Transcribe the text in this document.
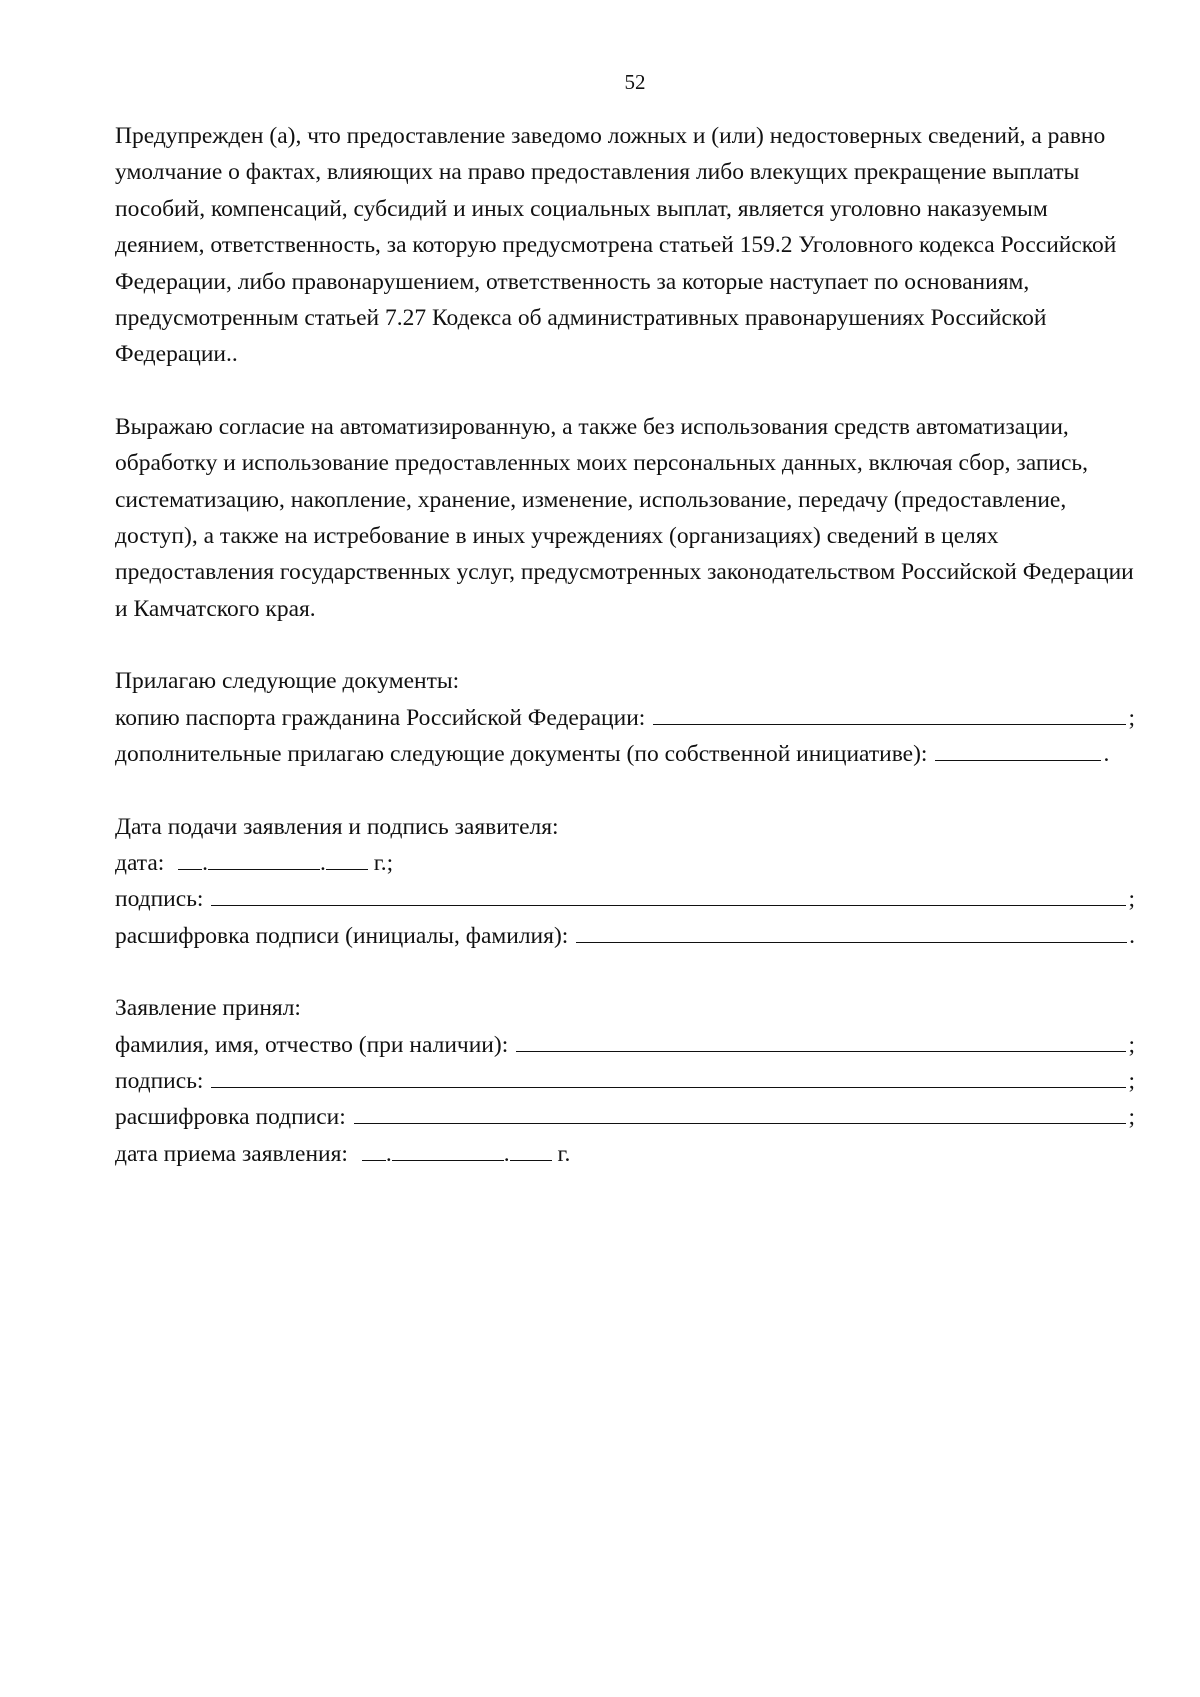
52

Предупрежден (а), что предоставление заведомо ложных и (или) недостоверных сведений, а равно умолчание о фактах, влияющих на право предоставления либо влекущих прекращение выплаты пособий, компенсаций, субсидий и иных социальных выплат, является уголовно наказуемым деянием, ответственность, за которую предусмотрена статьей 159.2 Уголовного кодекса Российской Федерации, либо правонарушением, ответственность за которые наступает по основаниям, предусмотренным статьей 7.27 Кодекса об административных правонарушениях Российской Федерации..

Выражаю согласие на автоматизированную, а также без использования средств автоматизации, обработку и использование предоставленных моих персональных данных, включая сбор, запись, систематизацию, накопление, хранение, изменение, использование, передачу (предоставление, доступ), а также на истребование в иных учреждениях (организациях) сведений в целях предоставления государственных услуг, предусмотренных законодательством Российской Федерации и Камчатского края.

Прилагаю следующие документы:
копию паспорта гражданина Российской Федерации:	;
дополнительные прилагаю следующие документы (по собственной инициативе):	.
Дата подачи заявления и подпись заявителя:
дата: .	. г.;
подпись:	;
расшифровка подписи (инициалы, фамилия):	.
Заявление принял:
фамилия, имя, отчество (при наличии):	;
подпись:	;
расшифровка подписи:	;
дата приема заявления: .	. г.
